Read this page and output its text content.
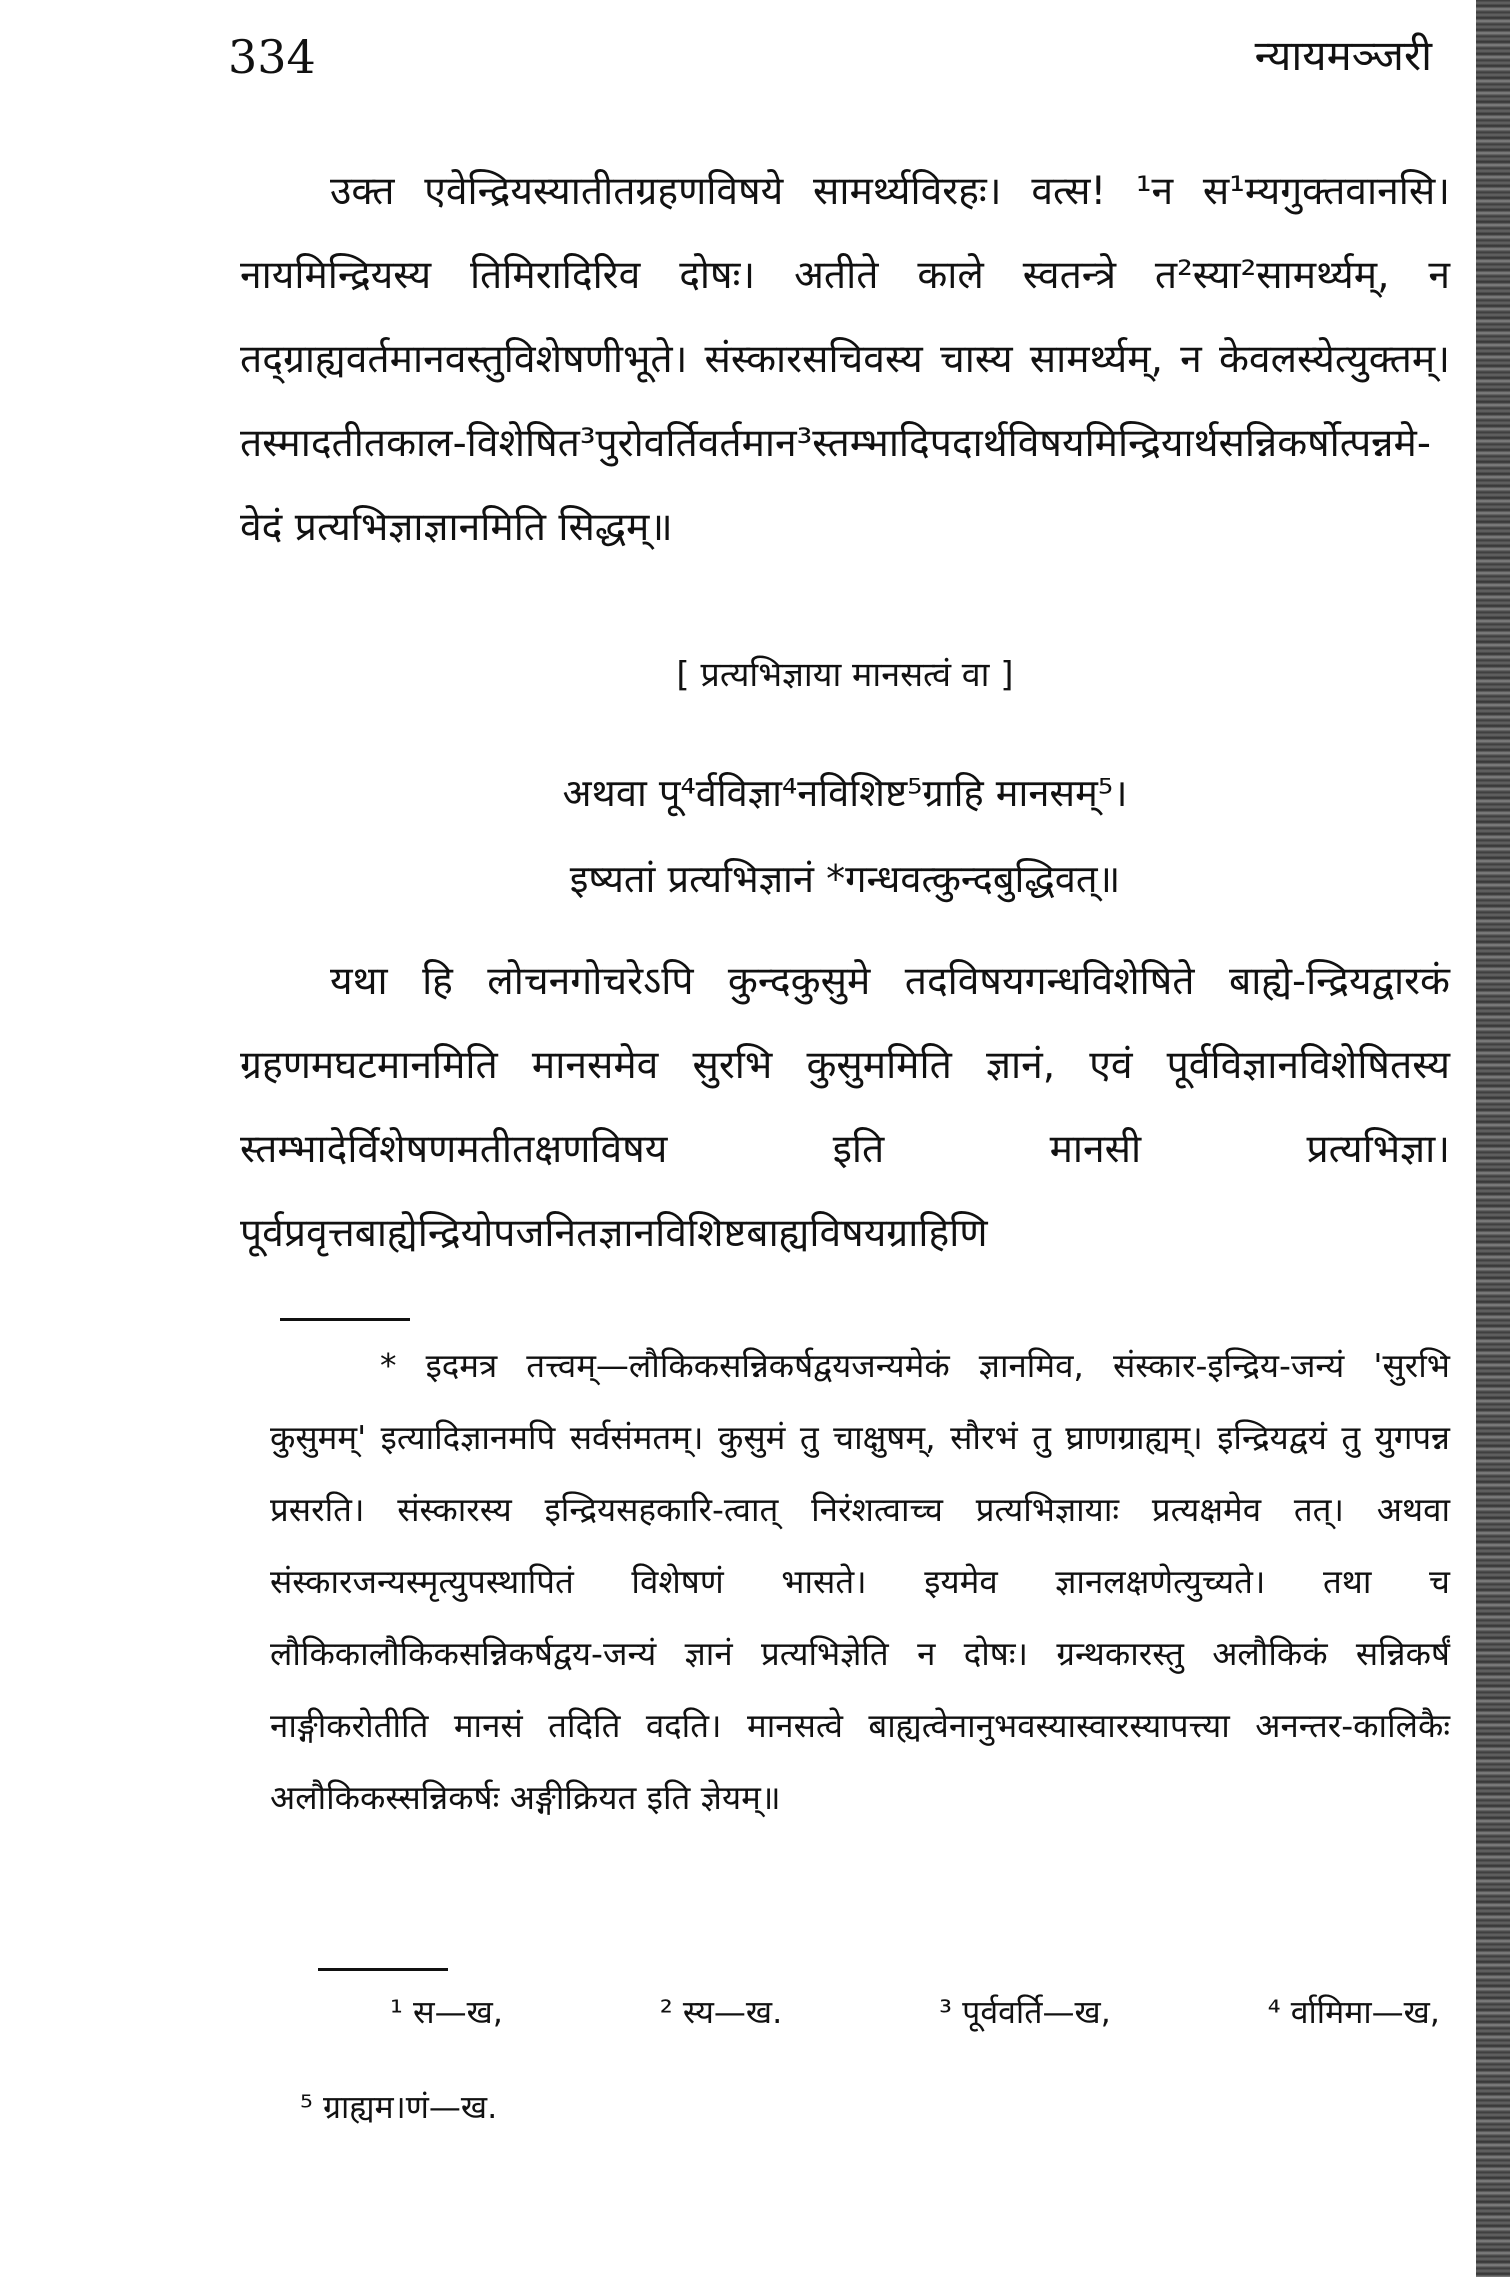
334	न्यायमञ्जरी

उक्त एवेन्द्रियस्यातीतग्रहणविषये सामर्थ्यविरहः। वत्स! ¹न स¹म्यगुक्तवानसि। नायमिन्द्रियस्य तिमिरादिरिव दोषः। अतीते काले स्वतन्त्रे त²स्या²सामर्थ्यम्, न तद्ग्राह्यवर्तमानवस्तुविशेषणीभूते। संस्कारसचिवस्य चास्य सामर्थ्यम्, न केवलस्येत्युक्तम्। तस्मादतीतकाल-विशेषित³पुरोवर्तिवर्तमान³स्तम्भादिपदार्थविषयमिन्द्रियार्थसन्निकर्षोत्पन्नमे-वेदं प्रत्यभिज्ञाज्ञानमिति सिद्धम्॥

[ प्रत्यभिज्ञाया मानसत्वं वा ]
अथवा पू⁴र्वविज्ञा⁴नविशिष्ट⁵ग्राहि मानसम्⁵।
इष्यतां प्रत्यभिज्ञानं *गन्धवत्कुन्दबुद्धिवत्॥

यथा हि लोचनगोचरेऽपि कुन्दकुसुमे तदविषयगन्धविशेषिते बाह्ये-न्द्रियद्वारकं ग्रहणमघटमानमिति मानसमेव सुरभि कुसुममिति ज्ञानं, एवं पूर्वविज्ञानविशेषितस्य स्तम्भादेर्विशेषणमतीतक्षणविषय इति मानसी प्रत्यभिज्ञा। पूर्वप्रवृत्तबाह्येन्द्रियोपजनितज्ञानविशिष्टबाह्यविषयग्राहिणि

* इदमत्र तत्त्वम्—लौकिकसन्निकर्षद्वयजन्यमेकं ज्ञानमिव, संस्कार-इन्द्रिय-जन्यं 'सुरभि कुसुमम्' इत्यादिज्ञानमपि सर्वसंमतम्। कुसुमं तु चाक्षुषम्, सौरभं तु घ्राणग्राह्यम्। इन्द्रियद्वयं तु युगपन्न प्रसरति। संस्कारस्य इन्द्रियसहकारि-त्वात् निरंशत्वाच्च प्रत्यभिज्ञायाः प्रत्यक्षमेव तत्। अथवा संस्कारजन्यस्मृत्युपस्थापितं विशेषणं भासते। इयमेव ज्ञानलक्षणेत्युच्यते। तथा च लौकिकालौकिकसन्निकर्षद्वय-जन्यं ज्ञानं प्रत्यभिज्ञेति न दोषः। ग्रन्थकारस्तु अलौकिकं सन्निकर्षं नाङ्गीकरोतीति मानसं तदिति वदति। मानसत्वे बाह्यत्वेनानुभवस्यास्वारस्यापत्त्या अनन्तर-कालिकैः अलौकिकस्सन्निकर्षः अङ्गीक्रियत इति ज्ञेयम्॥

¹ स—ख,	² स्य—ख.	³ पूर्ववर्ति—ख,	⁴ र्वामिमा—ख,
⁵ ग्राह्यम।णं—ख.
